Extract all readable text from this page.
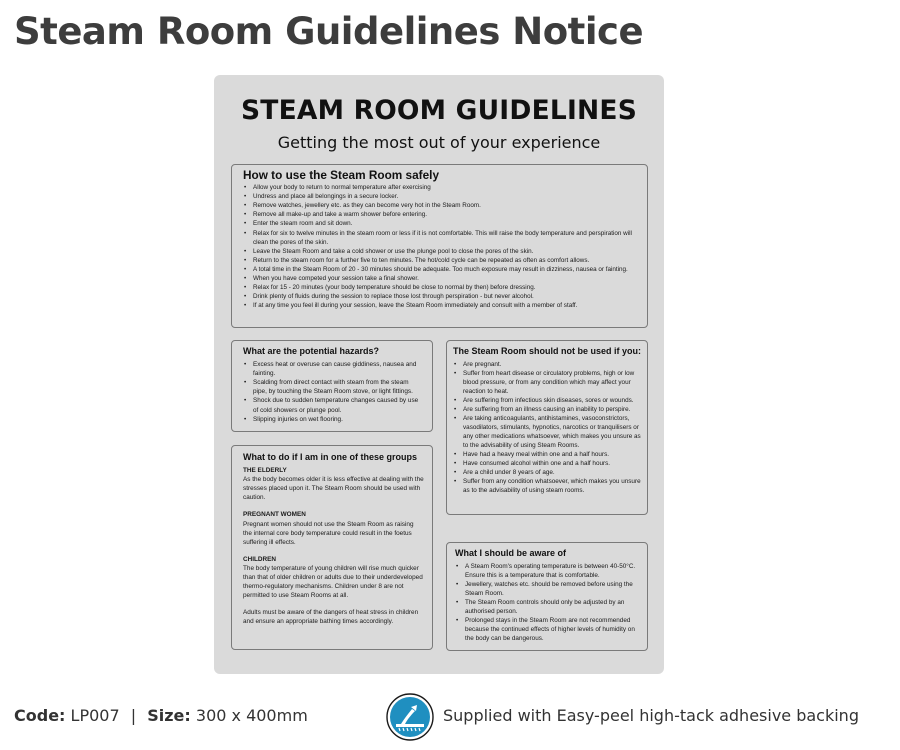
Steam Room Guidelines Notice
STEAM ROOM GUIDELINES
Getting the most out of your experience
How to use the Steam Room safely
• Allow your body to return to normal temperature after exercising
• Undress and place all belongings in a secure locker.
• Remove watches, jewellery etc. as they can become very hot in the Steam Room.
• Remove all make-up and take a warm shower before entering.
• Enter the steam room and sit down.
• Relax for six to twelve minutes in the steam room or less if it is not comfortable. This will raise the body temperature and perspiration will clean the pores of the skin.
• Leave the Steam Room and take a cold shower or use the plunge pool to close the pores of the skin.
• Return to the steam room for a further five to ten minutes. The hot/cold cycle can be repeated as often as comfort allows.
• A total time in the Steam Room of 20 - 30 minutes should be adequate. Too much exposure may result in dizziness, nausea or fainting.
• When you have competed your session take a final shower.
• Relax for 15 - 20 minutes (your body temperature should be close to normal by then) before dressing.
• Drink plenty of fluids during the session to replace those lost through perspiration - but never alcohol.
• If at any time you feel ill during your session, leave the Steam Room immediately and consult with a member of staff.
What are the potential hazards?
• Excess heat or overuse can cause giddiness, nausea and fainting.
• Scalding from direct contact with steam from the steam pipe, by touching the Steam Room stove, or light fittings.
• Shock due to sudden temperature changes caused by use of cold showers or plunge pool.
• Slipping injuries on wet flooring.
What to do if I am in one of these groups

THE ELDERLY

As the body becomes older it is less effective at dealing with the stresses placed upon it. The Steam Room should be used with caution.

PREGNANT WOMEN

Pregnant women should not use the Steam Room as raising the internal core body temperature could result in the foetus suffering ill effects.

CHILDREN

The body temperature of young children will rise much quicker than that of older children or adults due to their underdeveloped thermo-regulatory mechanisms. Children under 8 are not permitted to use Steam Rooms at all.

Adults must be aware of the dangers of heat stress in children and ensure an appropriate bathing times accordingly.

The Steam Room should not be used if you:
• Are pregnant.
• Suffer from heart disease or circulatory problems, high or low blood pressure, or from any condition which may affect your reaction to heat.
• Are suffering from infectious skin diseases, sores or wounds.
• Are suffering from an illness causing an inability to perspire.
• Are taking anticoagulants, antihistamines, vasoconstrictors, vasodilators, stimulants, hypnotics, narcotics or tranquilisers or any other medications whatsoever, which makes you unsure as to the advisability of using Steam Rooms.
• Have had a heavy meal within one and a half hours.
• Have consumed alcohol within one and a half hours.
• Are a child under 8 years of age.
• Suffer from any condition whatsoever, which makes you unsure as to the advisability of using steam rooms.
What I should be aware of
• A Steam Room's operating temperature is between 40-50°C. Ensure this is a temperature that is comfortable.
• Jewellery, watches etc. should be removed before using the Steam Room.
• The Steam Room controls should only be adjusted by an authorised person.
• Prolonged stays in the Steam Room are not recommended because the continued effects of higher levels of humidity on the body can be dangerous.
Code: LP007 | Size: 300 x 400mm	Supplied with Easy-peel high-tack adhesive backing
